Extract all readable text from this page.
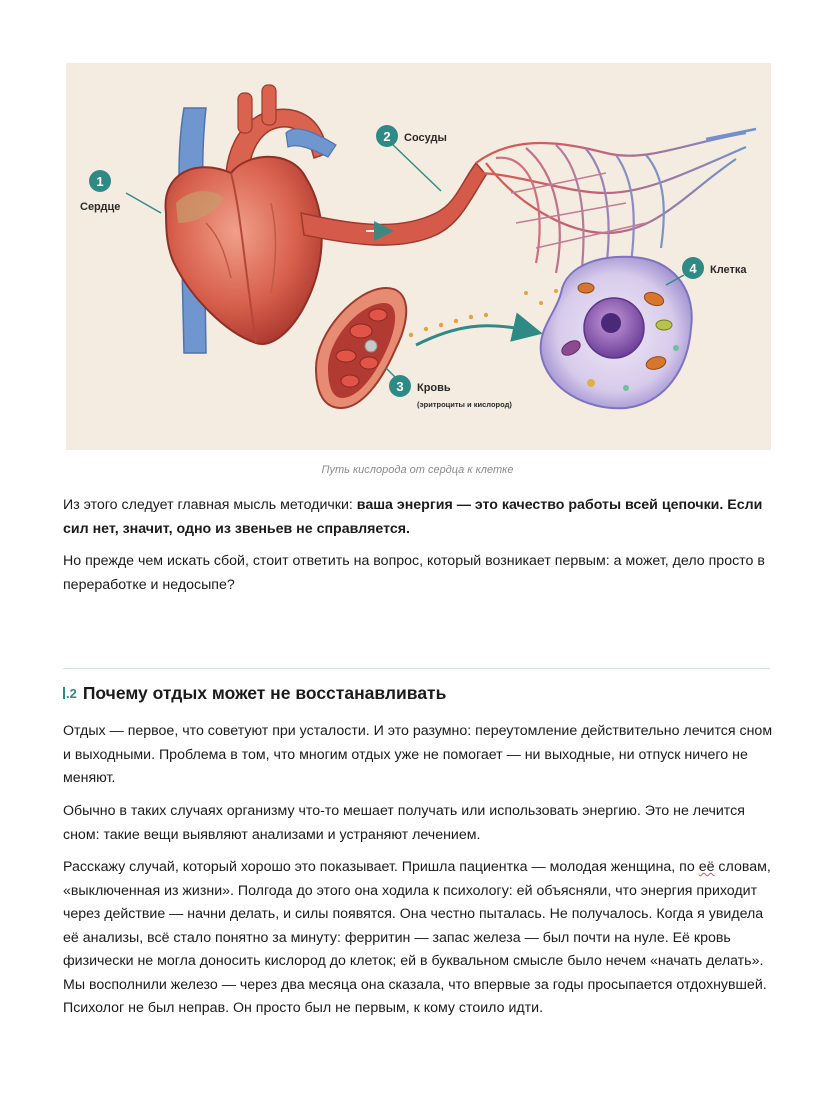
1
Сердце
2 Сосуды
3 Кровь
(эритроциты и кислород)
4 Клетка
Путь кислорода от сердца к клетке

Из этого следует главная мысль методички: ваша энергия — это качество работы всей цепочки. Если сил нет, значит, одно из звеньев не справляется.

Но прежде чем искать сбой, стоит ответить на вопрос, который возникает первым: а может, дело просто в переработке и недосыпе?

.2 Почему отдых может не восстанавливать

Отдых — первое, что советуют при усталости. И это разумно: переутомление действительно лечится сном и выходными. Проблема в том, что многим отдых уже не помогает — ни выходные, ни отпуск ничего не меняют.

Обычно в таких случаях организму что-то мешает получать или использовать энергию. Это не лечится сном: такие вещи выявляют анализами и устраняют лечением.

Расскажу случай, который хорошо это показывает. Пришла пациентка — молодая женщина, по её словам, «выключенная из жизни». Полгода до этого она ходила к психологу: ей объясняли, что энергия приходит через действие — начни делать, и силы появятся. Она честно пыталась. Не получалось. Когда я увидела её анализы, всё стало понятно за минуту: ферритин — запас железа — был почти на нуле. Её кровь физически не могла доносить кислород до клеток; ей в буквальном смысле было нечем «начать делать». Мы восполнили железо — через два месяца она сказала, что впервые за годы просыпается отдохнувшей. Психолог не был неправ. Он просто был не первым, к кому стоило идти.
